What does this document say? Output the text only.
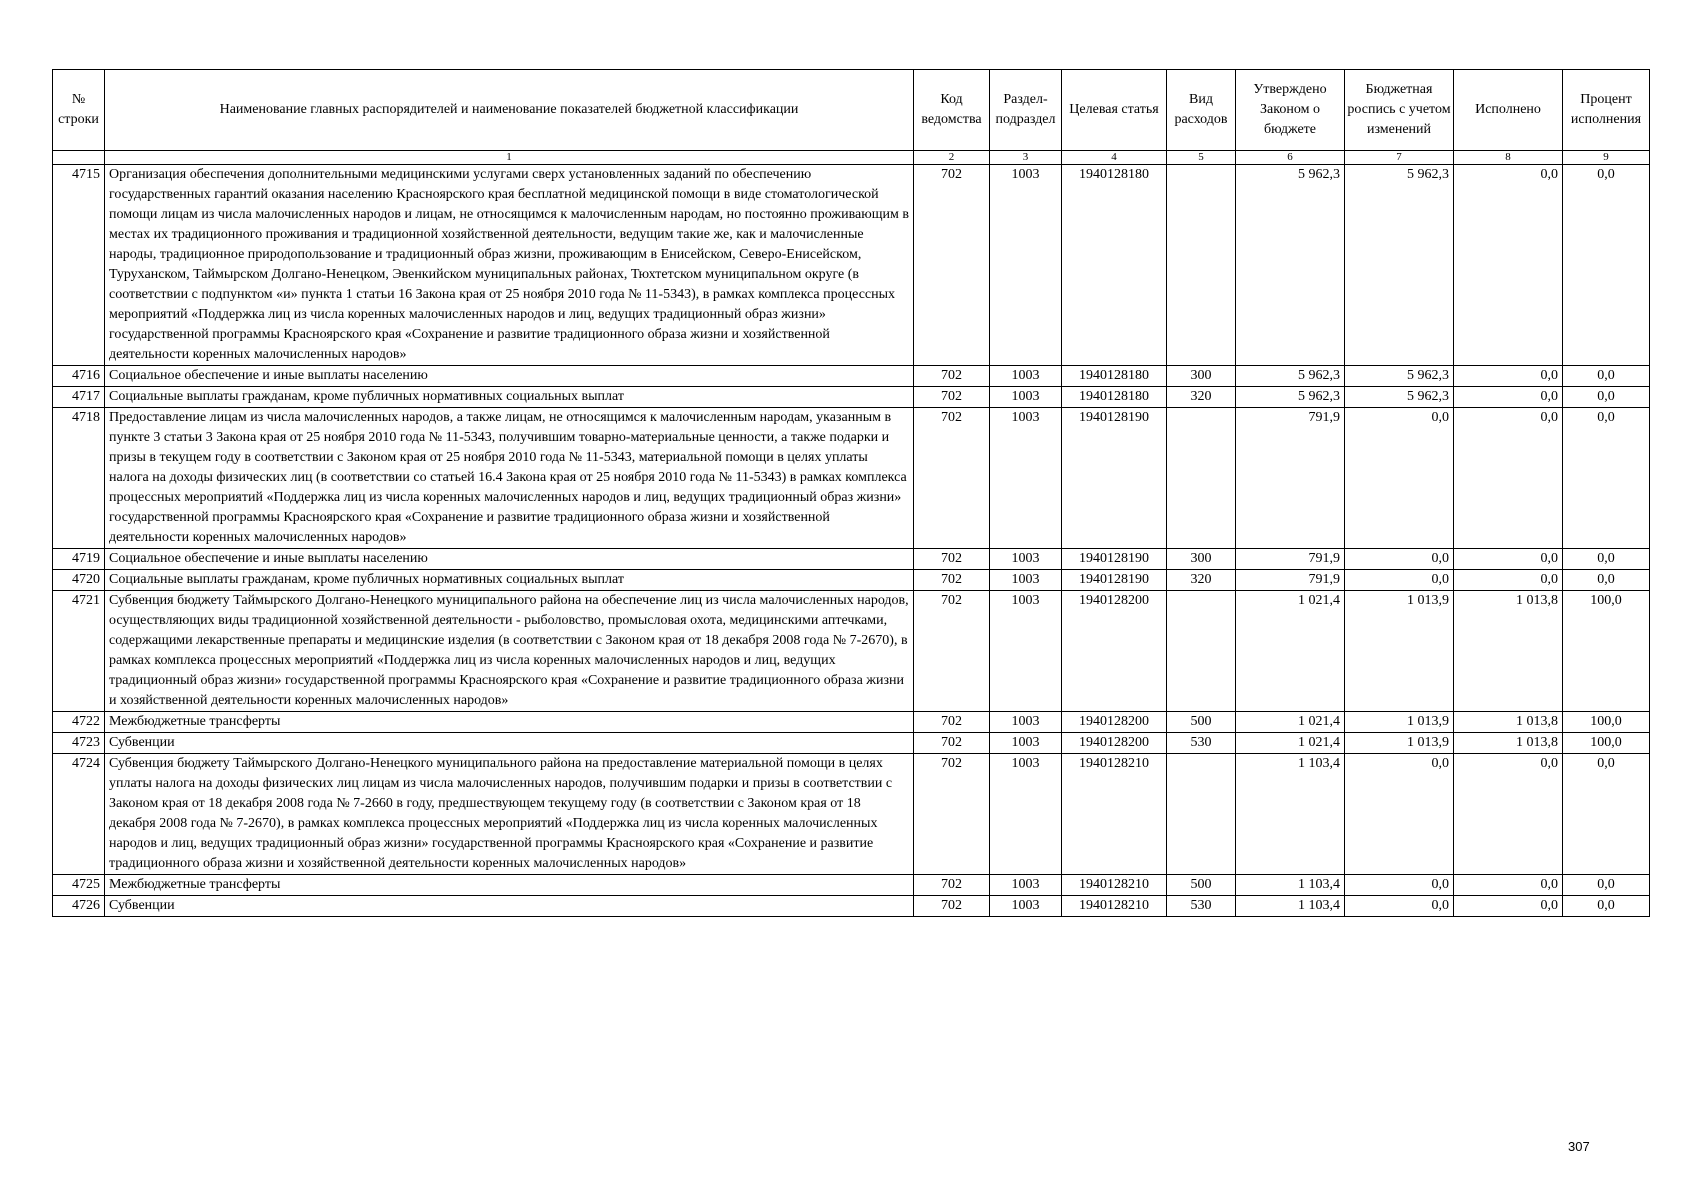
№ строки	Наименование главных распорядителей и наименование показателей бюджетной классификации	Код ведомства	Раздел-подраздел	Целевая статья	Вид расходов	Утверждено Законом о бюджете	Бюджетная роспись с учетом изменений	Исполнено	Процент исполнения
	1	2	3	4	5	6	7	8	9
4715	Организация обеспечения дополнительными медицинскими услугами сверх установленных заданий по обеспечению государственных гарантий оказания населению Красноярского края бесплатной медицинской помощи в виде стоматологической помощи лицам из числа малочисленных народов и лицам, не относящимся к малочисленным народам, но постоянно проживающим в местах их традиционного проживания и традиционной хозяйственной деятельности, ведущим такие же, как и малочисленные народы, традиционное природопользование и традиционный образ жизни, проживающим в Енисейском, Северо-Енисейском, Туруханском, Таймырском Долгано-Ненецком, Эвенкийском муниципальных районах, Тюхтетском муниципальном округе (в соответствии с подпунктом «и» пункта 1 статьи 16 Закона края от 25 ноября 2010 года № 11-5343), в рамках комплекса процессных мероприятий «Поддержка лиц из числа коренных малочисленных народов и лиц, ведущих традиционный образ жизни» государственной программы Красноярского края «Сохранение и развитие традиционного образа жизни и хозяйственной деятельности коренных малочисленных народов»	702	1003	1940128180		5 962,3	5 962,3	0,0	0,0
4716	Социальное обеспечение и иные выплаты населению	702	1003	1940128180	300	5 962,3	5 962,3	0,0	0,0
4717	Социальные выплаты гражданам, кроме публичных нормативных социальных выплат	702	1003	1940128180	320	5 962,3	5 962,3	0,0	0,0
4718	Предоставление лицам из числа малочисленных народов, а также лицам, не относящимся к малочисленным народам, указанным в пункте 3 статьи 3 Закона края от 25 ноября 2010 года № 11-5343, получившим товарно-материальные ценности, а также подарки и призы в текущем году в соответствии с Законом края от 25 ноября 2010 года № 11-5343, материальной помощи в целях уплаты налога на доходы физических лиц (в соответствии со статьей 16.4 Закона края от 25 ноября 2010 года № 11-5343) в рамках комплекса процессных мероприятий «Поддержка лиц из числа коренных малочисленных народов и лиц, ведущих традиционный образ жизни» государственной программы Красноярского края «Сохранение и развитие традиционного образа жизни и хозяйственной деятельности коренных малочисленных народов»	702	1003	1940128190		791,9	0,0	0,0	0,0
4719	Социальное обеспечение и иные выплаты населению	702	1003	1940128190	300	791,9	0,0	0,0	0,0
4720	Социальные выплаты гражданам, кроме публичных нормативных социальных выплат	702	1003	1940128190	320	791,9	0,0	0,0	0,0
4721	Субвенция бюджету Таймырского Долгано-Ненецкого муниципального района на обеспечение лиц из числа малочисленных народов, осуществляющих виды традиционной хозяйственной деятельности - рыболовство, промысловая охота, медицинскими аптечками, содержащими лекарственные препараты и медицинские изделия (в соответствии с Законом края от 18 декабря 2008 года № 7-2670), в рамках комплекса процессных мероприятий «Поддержка лиц из числа коренных малочисленных народов и лиц, ведущих традиционный образ жизни» государственной программы Красноярского края «Сохранение и развитие традиционного образа жизни и хозяйственной деятельности коренных малочисленных народов»	702	1003	1940128200		1 021,4	1 013,9	1 013,8	100,0
4722	Межбюджетные трансферты	702	1003	1940128200	500	1 021,4	1 013,9	1 013,8	100,0
4723	Субвенции	702	1003	1940128200	530	1 021,4	1 013,9	1 013,8	100,0
4724	Субвенция бюджету Таймырского Долгано-Ненецкого муниципального района на предоставление материальной помощи в целях уплаты налога на доходы физических лиц лицам из числа малочисленных народов, получившим подарки и призы в соответствии с Законом края от 18 декабря 2008 года № 7-2660 в году, предшествующем текущему году (в соответствии с Законом края от 18 декабря 2008 года № 7-2670), в рамках комплекса процессных мероприятий «Поддержка лиц из числа коренных малочисленных народов и лиц, ведущих традиционный образ жизни» государственной программы Красноярского края «Сохранение и развитие традиционного образа жизни и хозяйственной деятельности коренных малочисленных народов»	702	1003	1940128210		1 103,4	0,0	0,0	0,0
4725	Межбюджетные трансферты	702	1003	1940128210	500	1 103,4	0,0	0,0	0,0
4726	Субвенции	702	1003	1940128210	530	1 103,4	0,0	0,0	0,0
307
